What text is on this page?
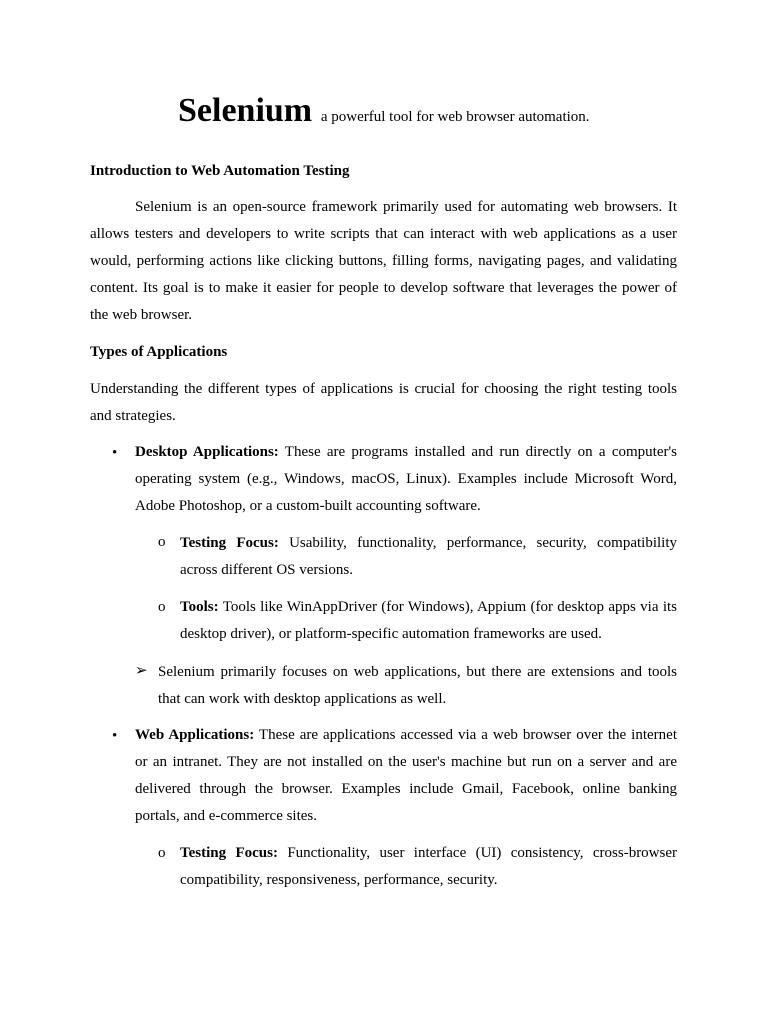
Selenium a powerful tool for web browser automation.
Introduction to Web Automation Testing

Selenium is an open-source framework primarily used for automating web browsers. It allows testers and developers to write scripts that can interact with web applications as a user would, performing actions like clicking buttons, filling forms, navigating pages, and validating content. Its goal is to make it easier for people to develop software that leverages the power of the web browser.

Types of Applications

Understanding the different types of applications is crucial for choosing the right testing tools and strategies.

• Desktop Applications: These are programs installed and run directly on a computer's operating system (e.g., Windows, macOS, Linux). Examples include Microsoft Word, Adobe Photoshop, or a custom-built accounting software.

o Testing Focus: Usability, functionality, performance, security, compatibility across different OS versions.

o Tools: Tools like WinAppDriver (for Windows), Appium (for desktop apps via its desktop driver), or platform-specific automation frameworks are used.

➢ Selenium primarily focuses on web applications, but there are extensions and tools that can work with desktop applications as well.

• Web Applications: These are applications accessed via a web browser over the internet or an intranet. They are not installed on the user's machine but run on a server and are delivered through the browser. Examples include Gmail, Facebook, online banking portals, and e-commerce sites.

o Testing Focus: Functionality, user interface (UI) consistency, cross-browser compatibility, responsiveness, performance, security.
